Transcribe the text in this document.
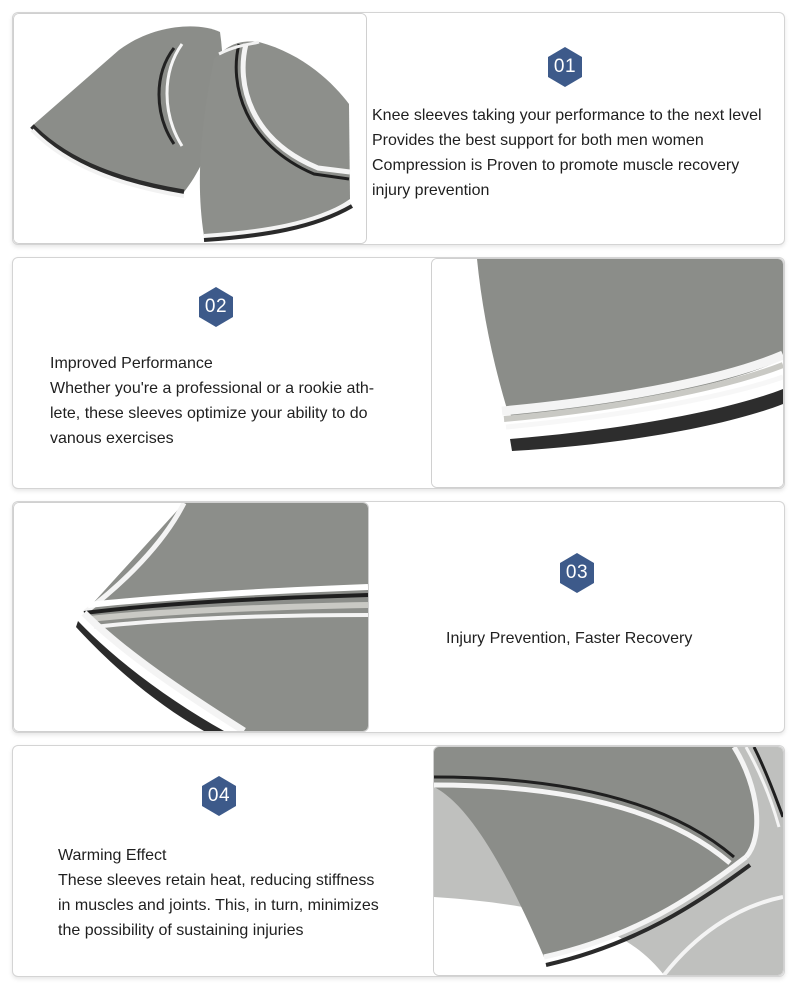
01
Knee sleeves taking your performance to the next level
Provides the best support for both men women
Compression is Proven to promote muscle recovery
injury prevention
02
Improved Performance
Whether you're a professional or a rookie ath-
lete, these sleeves optimize your ability to do
vanous exercises
03
Injury Prevention, Faster Recovery
04
Warming Effect
These sleeves retain heat, reducing stiffness
in muscles and joints. This, in turn, minimizes
the possibility of sustaining injuries
